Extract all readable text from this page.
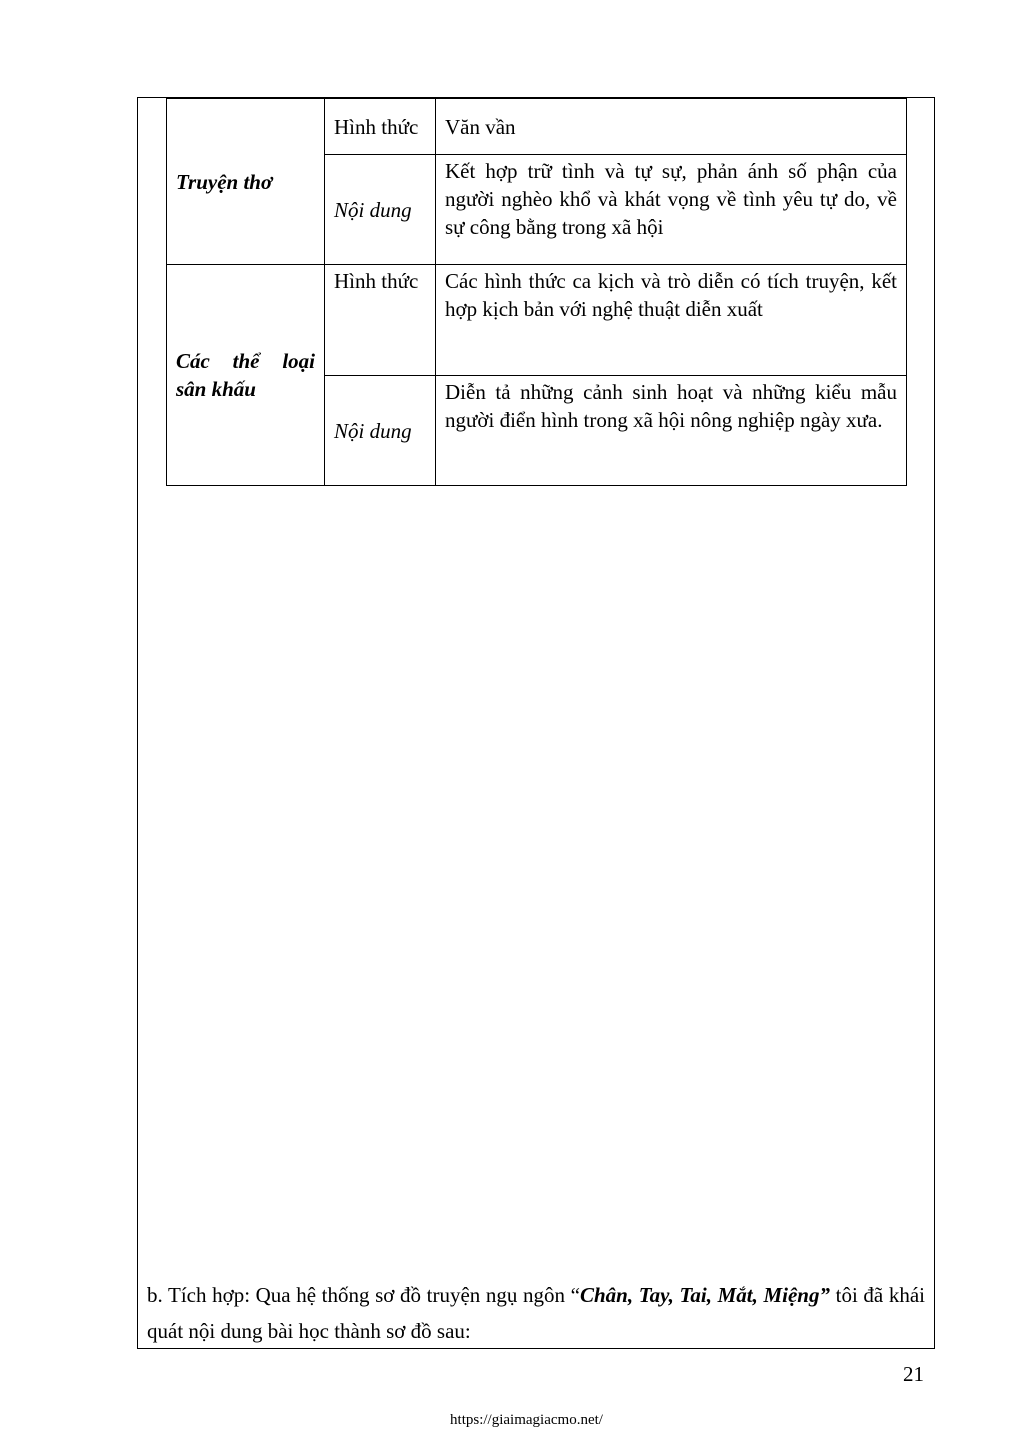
Truyện thơ	Hình thức	Văn vần
	Nội dung	Kết hợp trữ tình và tự sự, phản ánh số phận của người nghèo khổ và khát vọng về tình yêu tự do, về sự công bằng trong xã hội
Các thể loại sân khấu	Hình thức	Các hình thức ca kịch và trò diễn có tích truyện, kết hợp kịch bản với nghệ thuật diễn xuất
	Nội dung	Diễn tả những cảnh sinh hoạt và những kiểu mẫu người điển hình trong xã hội nông nghiệp ngày xưa.

b. Tích hợp: Qua hệ thống sơ đồ truyện ngụ ngôn “Chân, Tay, Tai, Mắt, Miệng” tôi đã khái quát nội dung bài học thành sơ đồ sau:

21
https://giaimagiacmo.net/
